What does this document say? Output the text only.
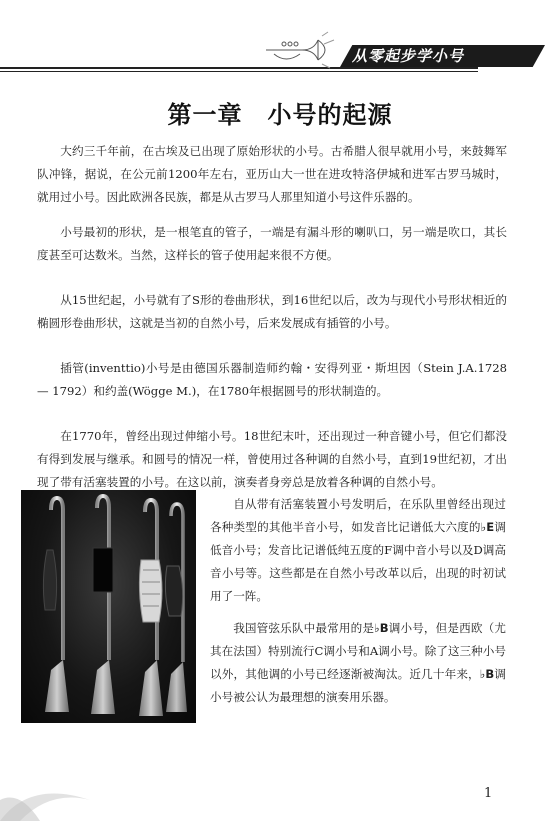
从零起步学小号
第一章　小号的起源

大约三千年前，在古埃及已出现了原始形状的小号。古希腊人很早就用小号，来鼓舞军队冲锋，据说，在公元前1200年左右，亚历山大一世在进攻特洛伊城和进军古罗马城时，就用过小号。因此欧洲各民族，都是从古罗马人那里知道小号这件乐器的。

小号最初的形状，是一根笔直的管子，一端是有漏斗形的喇叭口，另一端是吹口，其长度甚至可达数米。当然，这样长的管子使用起来很不方便。

从15世纪起，小号就有了S形的卷曲形状，到16世纪以后，改为与现代小号形状相近的椭圆形卷曲形状，这就是当初的自然小号，后来发展成有插管的小号。

插管(inventtio)小号是由德国乐器制造师约翰・安得列亚・斯坦因（Stein J.A.1728 — 1792）和约盖(Wögge M.)，在1780年根据圆号的形状制造的。

在1770年，曾经出现过伸缩小号。18世纪末叶，还出现过一种音键小号，但它们都没有得到发展与继承。和圆号的情况一样，曾使用过各种调的自然小号，直到19世纪初，才出现了带有活塞装置的小号。在这以前，演奏者身旁总是放着各种调的自然小号。

自从带有活塞装置小号发明后，在乐队里曾经出现过各种类型的其他半音小号，如发音比记谱低大六度的♭E调低音小号；发音比记谱低纯五度的F调中音小号以及D调高音小号等。这些都是在自然小号改革以后，出现的时初试用了一阵。

我国管弦乐队中最常用的是♭B调小号，但是西欧（尤其在法国）特别流行C调小号和A调小号。除了这三种小号以外，其他调的小号已经逐渐被淘汰。近几十年来，♭B调小号被公认为最理想的演奏用乐器。

1
